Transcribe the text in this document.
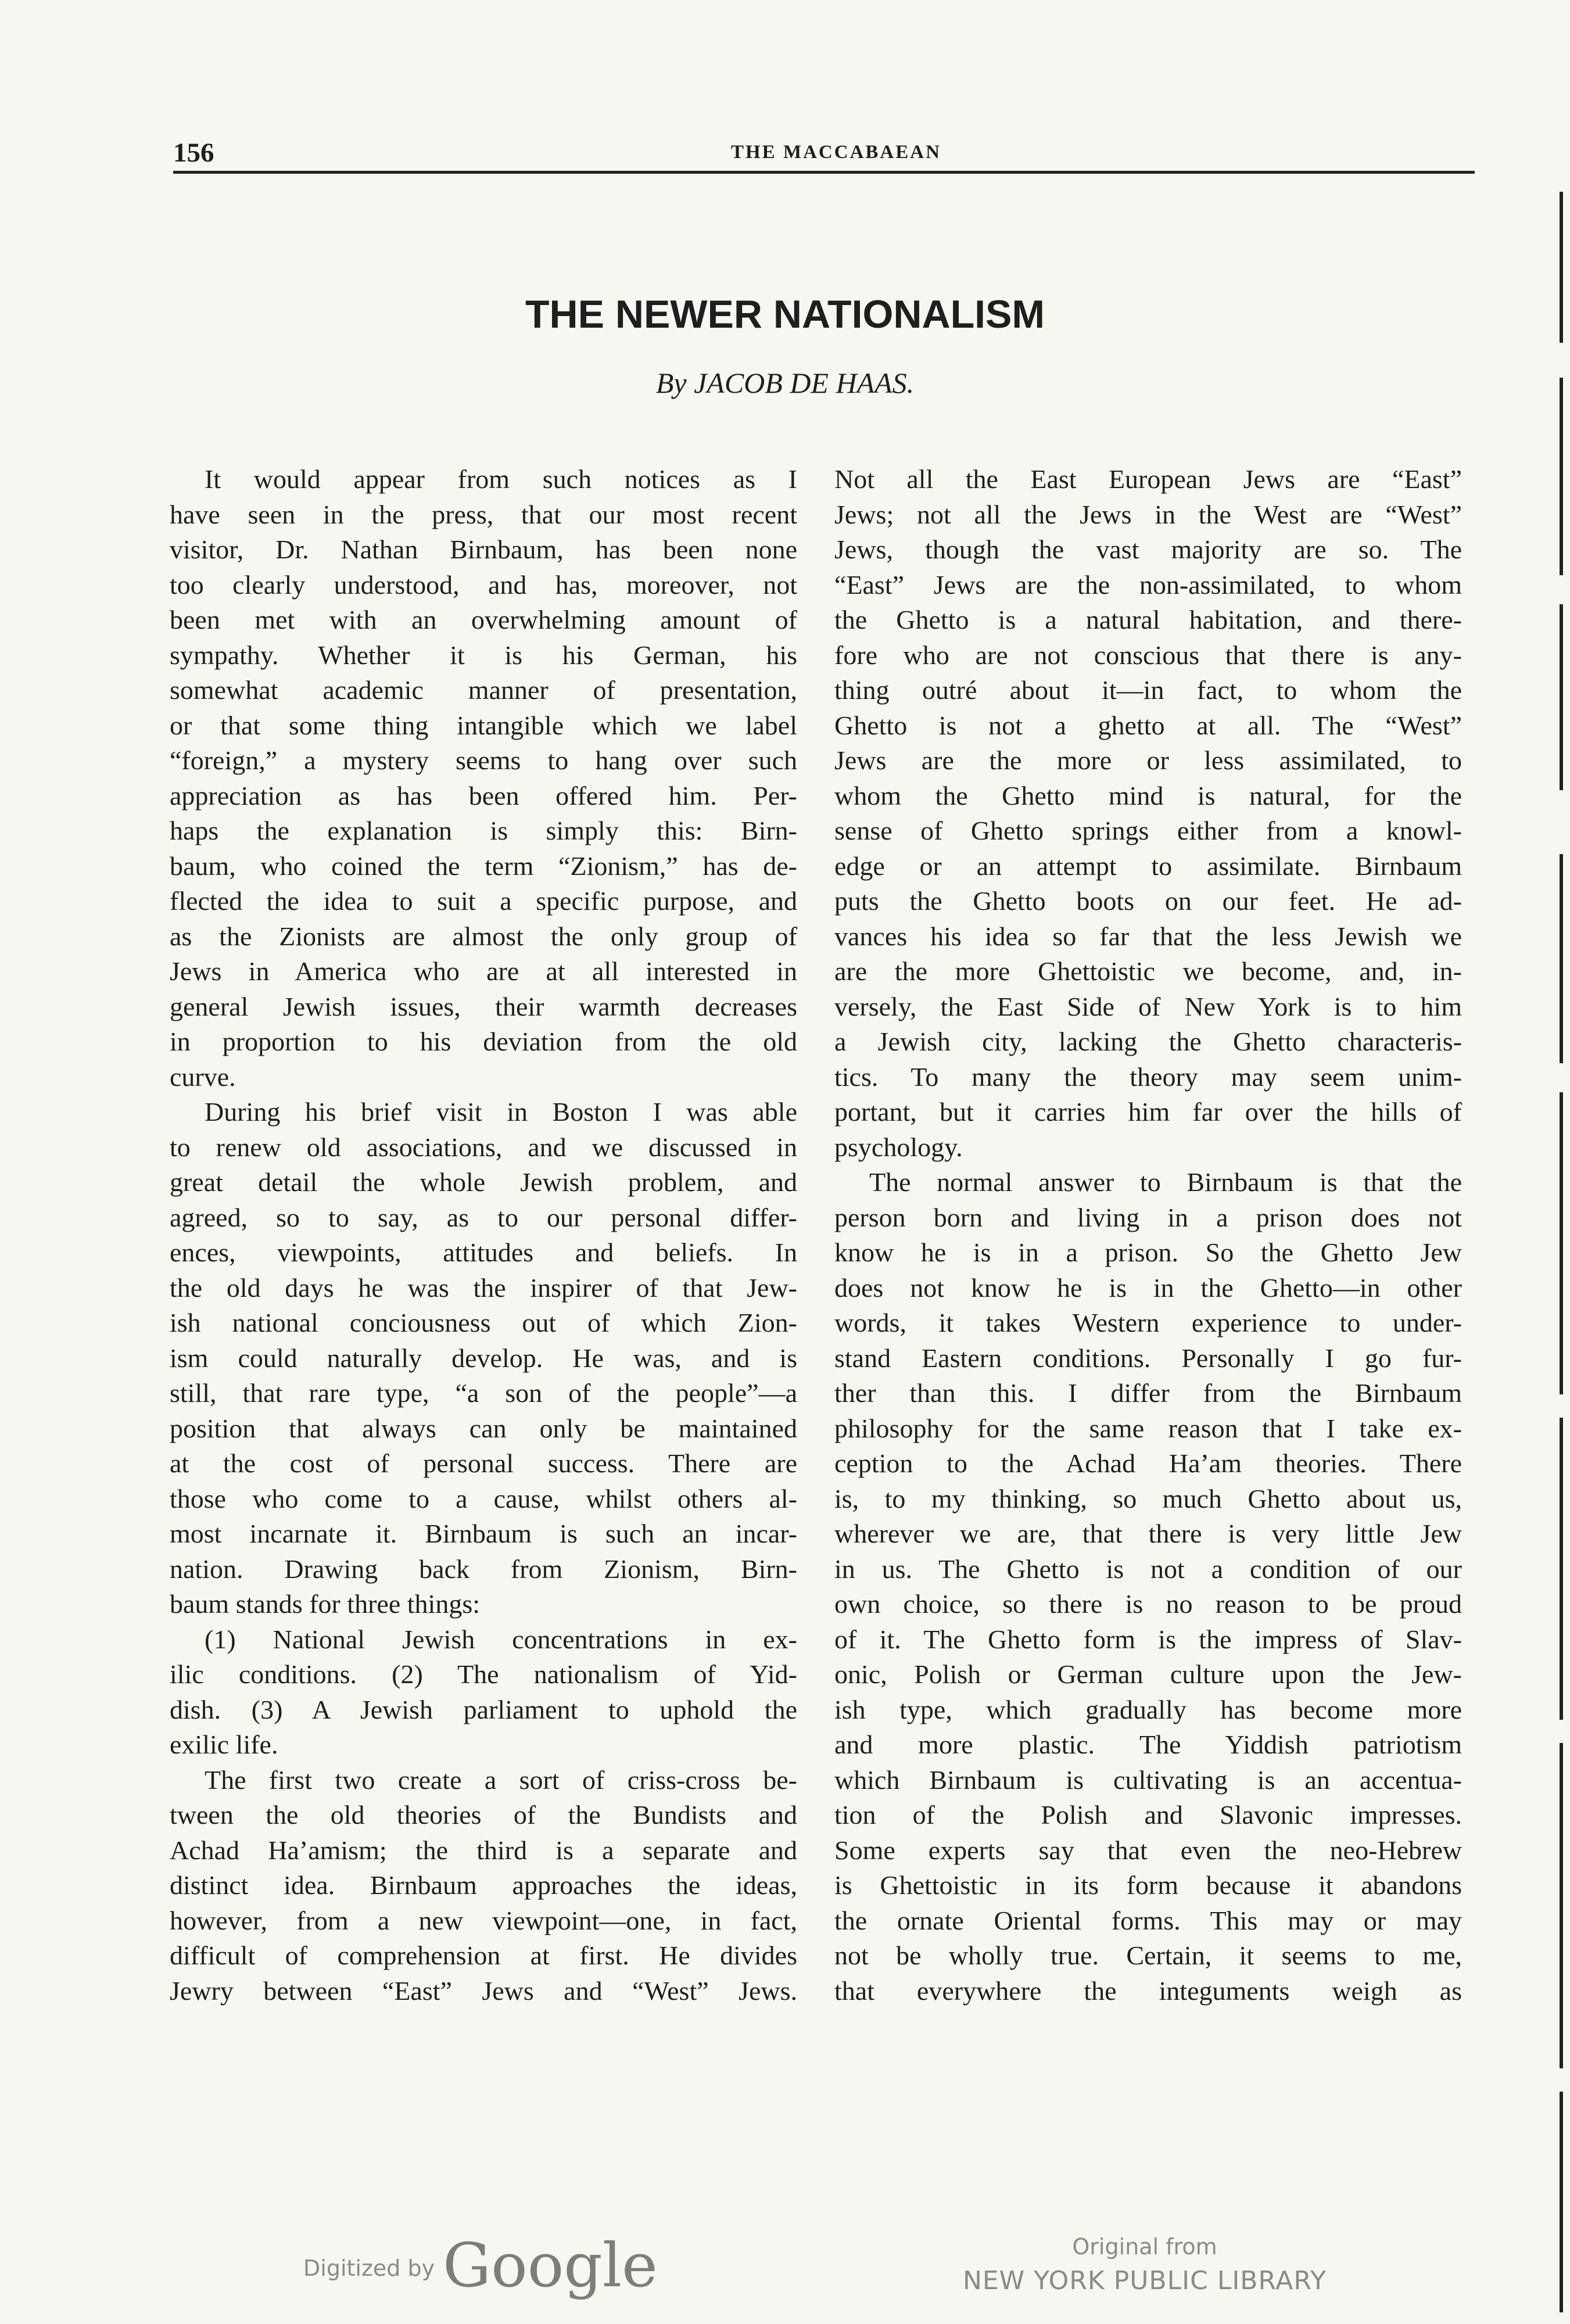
156	THE MACCABAEAN
THE NEWER NATIONALISM
By JACOB DE HAAS.

It would appear from such notices as I

have seen in the press, that our most recent

visitor, Dr. Nathan Birnbaum, has been none

too clearly understood, and has, moreover, not

been met with an overwhelming amount of

sympathy. Whether it is his German, his

somewhat academic manner of presentation,

or that some thing intangible which we label

“foreign,” a mystery seems to hang over such

appreciation as has been offered him. Per-

haps the explanation is simply this: Birn-

baum, who coined the term “Zionism,” has de-

flected the idea to suit a specific purpose, and

as the Zionists are almost the only group of

Jews in America who are at all interested in

general Jewish issues, their warmth decreases

in proportion to his deviation from the old

curve.

During his brief visit in Boston I was able

to renew old associations, and we discussed in

great detail the whole Jewish problem, and

agreed, so to say, as to our personal differ-

ences, viewpoints, attitudes and beliefs. In

the old days he was the inspirer of that Jew-

ish national conciousness out of which Zion-

ism could naturally develop. He was, and is

still, that rare type, “a son of the people”—a

position that always can only be maintained

at the cost of personal success. There are

those who come to a cause, whilst others al-

most incarnate it. Birnbaum is such an incar-

nation. Drawing back from Zionism, Birn-

baum stands for three things:

(1) National Jewish concentrations in ex-

ilic conditions. (2) The nationalism of Yid-

dish. (3) A Jewish parliament to uphold the

exilic life.

The first two create a sort of criss-cross be-

tween the old theories of the Bundists and

Achad Ha’amism; the third is a separate and

distinct idea. Birnbaum approaches the ideas,

however, from a new viewpoint—one, in fact,

difficult of comprehension at first. He divides

Jewry between “East” Jews and “West” Jews.

Not all the East European Jews are “East”

Jews; not all the Jews in the West are “West”

Jews, though the vast majority are so. The

“East” Jews are the non-assimilated, to whom

the Ghetto is a natural habitation, and there-

fore who are not conscious that there is any-

thing outré about it—in fact, to whom the

Ghetto is not a ghetto at all. The “West”

Jews are the more or less assimilated, to

whom the Ghetto mind is natural, for the

sense of Ghetto springs either from a knowl-

edge or an attempt to assimilate. Birnbaum

puts the Ghetto boots on our feet. He ad-

vances his idea so far that the less Jewish we

are the more Ghettoistic we become, and, in-

versely, the East Side of New York is to him

a Jewish city, lacking the Ghetto characteris-

tics. To many the theory may seem unim-

portant, but it carries him far over the hills of

psychology.

The normal answer to Birnbaum is that the

person born and living in a prison does not

know he is in a prison. So the Ghetto Jew

does not know he is in the Ghetto—in other

words, it takes Western experience to under-

stand Eastern conditions. Personally I go fur-

ther than this. I differ from the Birnbaum

philosophy for the same reason that I take ex-

ception to the Achad Ha’am theories. There

is, to my thinking, so much Ghetto about us,

wherever we are, that there is very little Jew

in us. The Ghetto is not a condition of our

own choice, so there is no reason to be proud

of it. The Ghetto form is the impress of Slav-

onic, Polish or German culture upon the Jew-

ish type, which gradually has become more

and more plastic. The Yiddish patriotism

which Birnbaum is cultivating is an accentua-

tion of the Polish and Slavonic impresses.

Some experts say that even the neo-Hebrew

is Ghettoistic in its form because it abandons

the ornate Oriental forms. This may or may

not be wholly true. Certain, it seems to me,

that everywhere the integuments weigh as

Digitized by Google	Original from
NEW YORK PUBLIC LIBRARY
